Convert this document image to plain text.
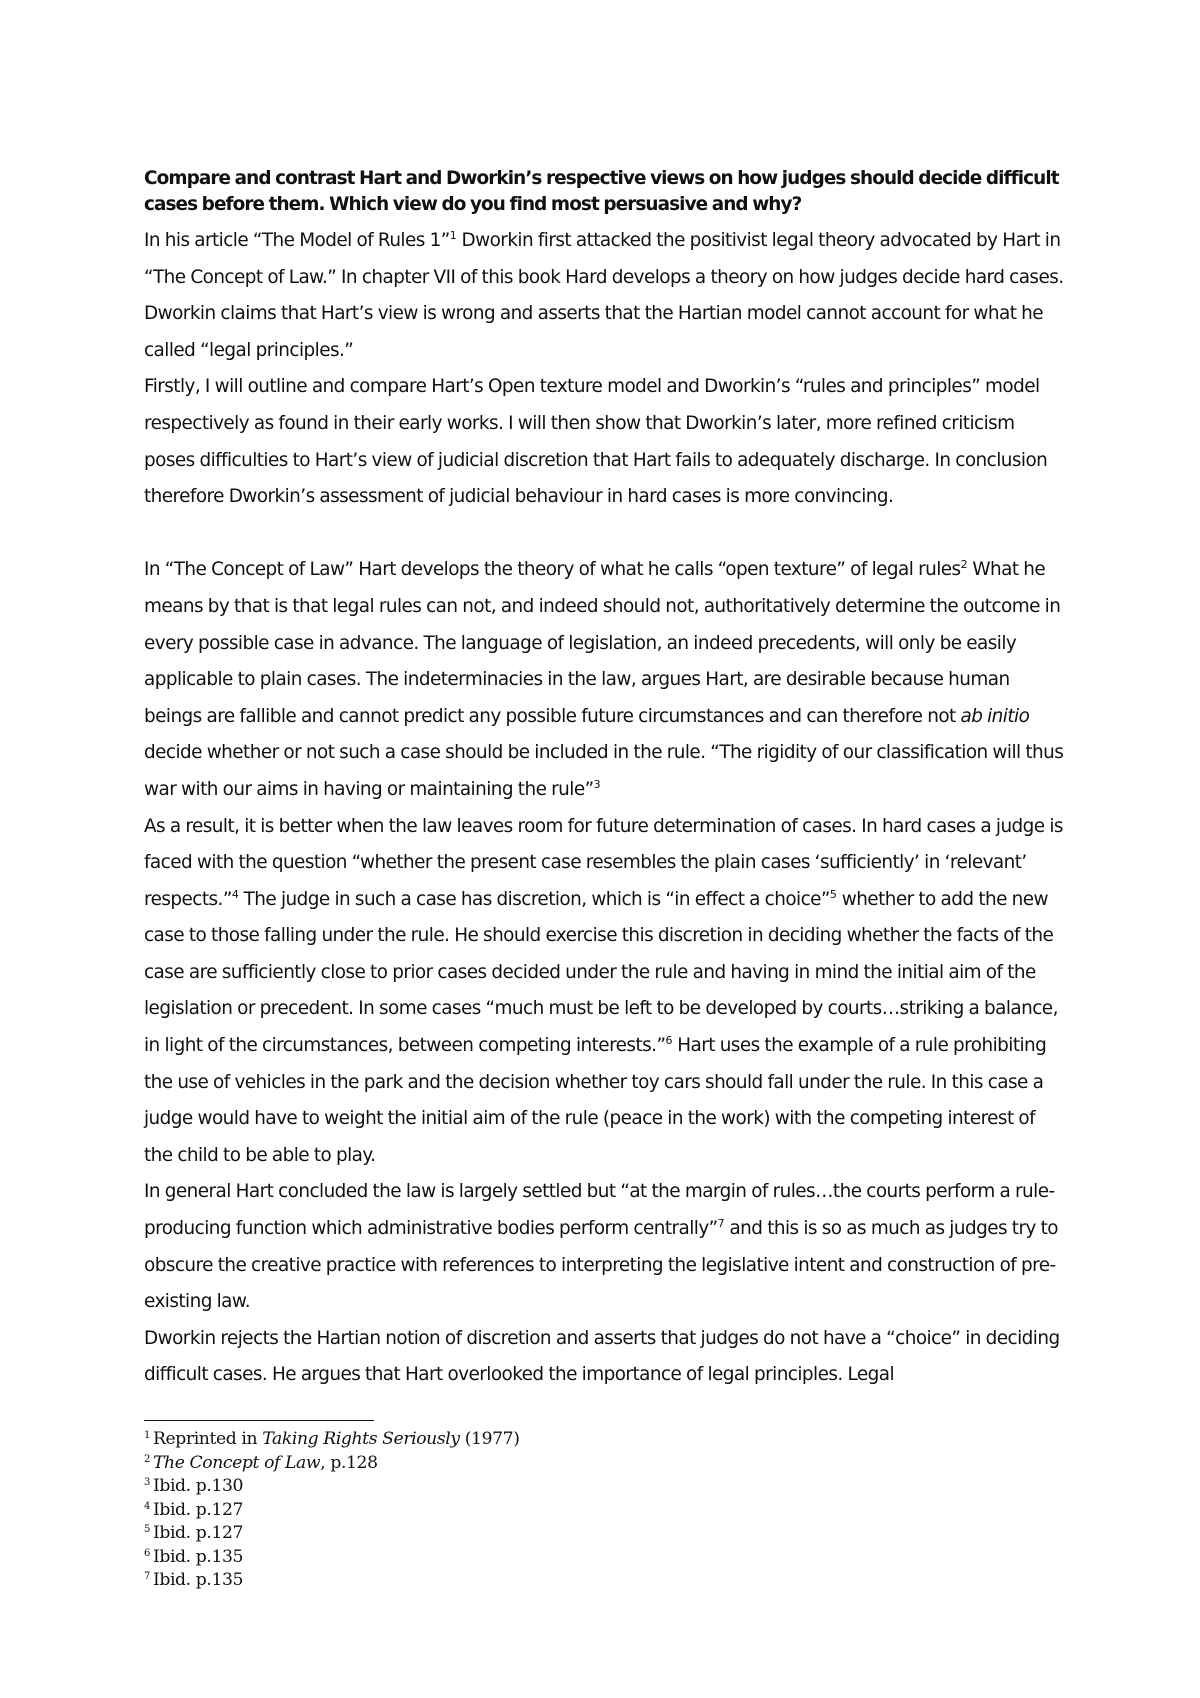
Compare and contrast Hart and Dworkin’s respective views on how judges should decide difficult cases before them. Which view do you find most persuasive and why?

In his article “The Model of Rules 1”$^1$ Dworkin first attacked the positivist legal theory advocated by Hart in “The Concept of Law.” In chapter VII of this book Hard develops a theory on how judges decide hard cases. Dworkin claims that Hart’s view is wrong and asserts that the Hartian model cannot account for what he called “legal principles.”

Firstly, I will outline and compare Hart’s Open texture model and Dworkin’s “rules and principles” model respectively as found in their early works. I will then show that Dworkin’s later, more refined criticism poses difficulties to Hart’s view of judicial discretion that Hart fails to adequately discharge. In conclusion therefore Dworkin’s assessment of judicial behaviour in hard cases is more convincing.

In “The Concept of Law” Hart develops the theory of what he calls “open texture” of legal rules$^2$ What he means by that is that legal rules can not, and indeed should not, authoritatively determine the outcome in every possible case in advance. The language of legislation, an indeed precedents, will only be easily applicable to plain cases. The indeterminacies in the law, argues Hart, are desirable because human beings are fallible and cannot predict any possible future circumstances and can therefore not ab initio decide whether or not such a case should be included in the rule. “The rigidity of our classification will thus war with our aims in having or maintaining the rule”$^3$

As a result, it is better when the law leaves room for future determination of cases. In hard cases a judge is faced with the question “whether the present case resembles the plain cases ‘sufficiently’ in ‘relevant’ respects.”$^4$ The judge in such a case has discretion, which is “in effect a choice”$^5$ whether to add the new case to those falling under the rule. He should exercise this discretion in deciding whether the facts of the case are sufficiently close to prior cases decided under the rule and having in mind the initial aim of the legislation or precedent. In some cases “much must be left to be developed by courts…striking a balance, in light of the circumstances, between competing interests.”$^6$ Hart uses the example of a rule prohibiting the use of vehicles in the park and the decision whether toy cars should fall under the rule. In this case a judge would have to weight the initial aim of the rule (peace in the work) with the competing interest of the child to be able to play.

In general Hart concluded the law is largely settled but “at the margin of rules…the courts perform a rule-producing function which administrative bodies perform centrally”$^7$ and this is so as much as judges try to obscure the creative practice with references to interpreting the legislative intent and construction of pre-existing law.

Dworkin rejects the Hartian notion of discretion and asserts that judges do not have a “choice” in deciding difficult cases. He argues that Hart overlooked the importance of legal principles. Legal

$^1$ Reprinted in Taking Rights Seriously (1977)
$^2$ The Concept of Law, p.128
$^3$ Ibid. p.130
$^4$ Ibid. p.127
$^5$ Ibid. p.127
$^6$ Ibid. p.135
$^7$ Ibid. p.135
